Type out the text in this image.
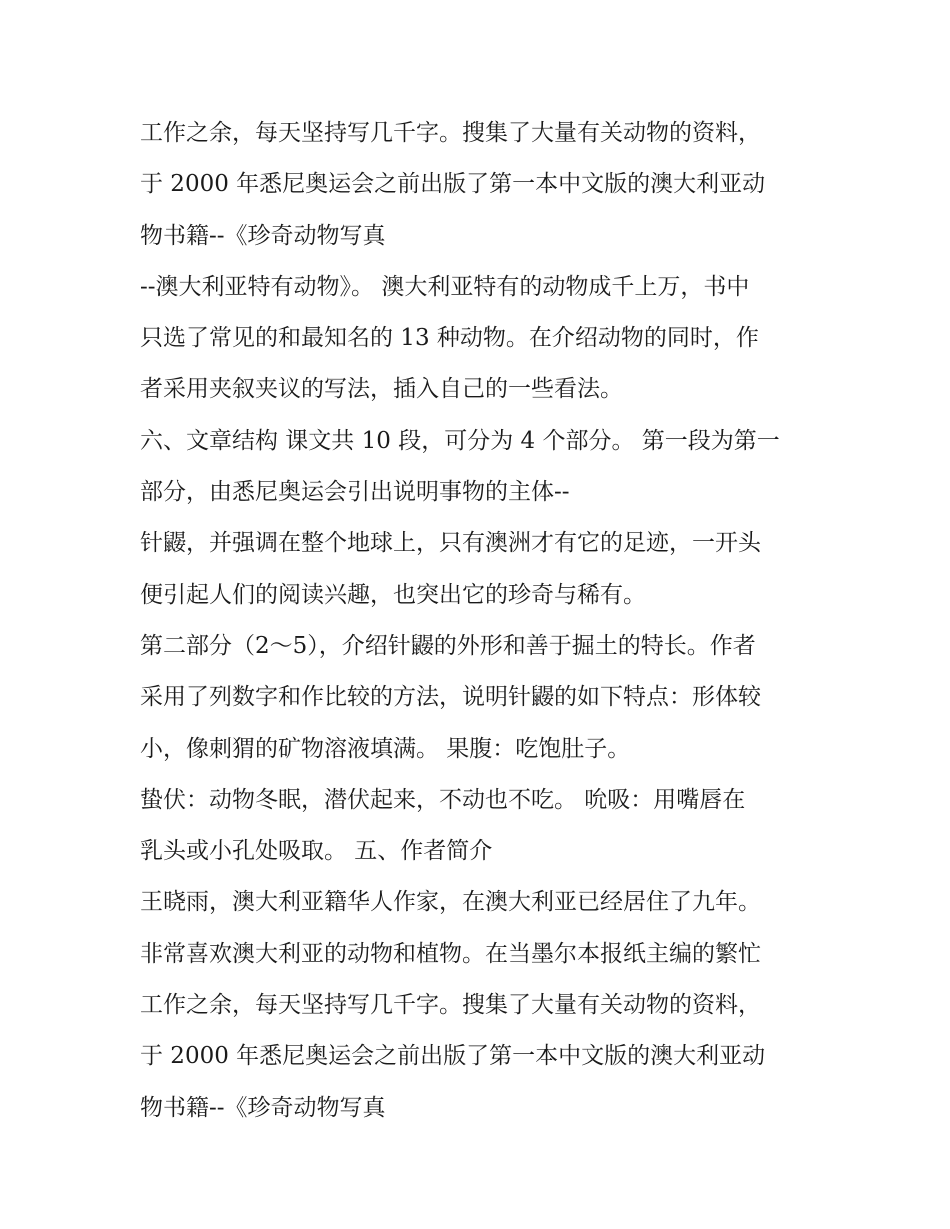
工作之余，每天坚持写几千字。搜集了大量有关动物的资料，
于 2000 年悉尼奥运会之前出版了第一本中文版的澳大利亚动
物书籍--《珍奇动物写真
--澳大利亚特有动物》。 澳大利亚特有的动物成千上万，书中
只选了常见的和最知名的 13 种动物。在介绍动物的同时，作
者采用夹叙夹议的写法，插入自己的一些看法。
六、文章结构 课文共 10 段，可分为 4 个部分。 第一段为第一
部分，由悉尼奥运会引出说明事物的主体--
针鼹，并强调在整个地球上，只有澳洲才有它的足迹，一开头
便引起人们的阅读兴趣，也突出它的珍奇与稀有。
第二部分（2～5），介绍针鼹的外形和善于掘土的特长。作者
采用了列数字和作比较的方法，说明针鼹的如下特点：形体较
小，像刺猬的矿物溶液填满。 果腹：吃饱肚子。
蛰伏：动物冬眠，潜伏起来，不动也不吃。 吮吸：用嘴唇在
乳头或小孔处吸取。 五、作者简介
王晓雨，澳大利亚籍华人作家，在澳大利亚已经居住了九年。
非常喜欢澳大利亚的动物和植物。在当墨尔本报纸主编的繁忙
工作之余，每天坚持写几千字。搜集了大量有关动物的资料，
于 2000 年悉尼奥运会之前出版了第一本中文版的澳大利亚动
物书籍--《珍奇动物写真
